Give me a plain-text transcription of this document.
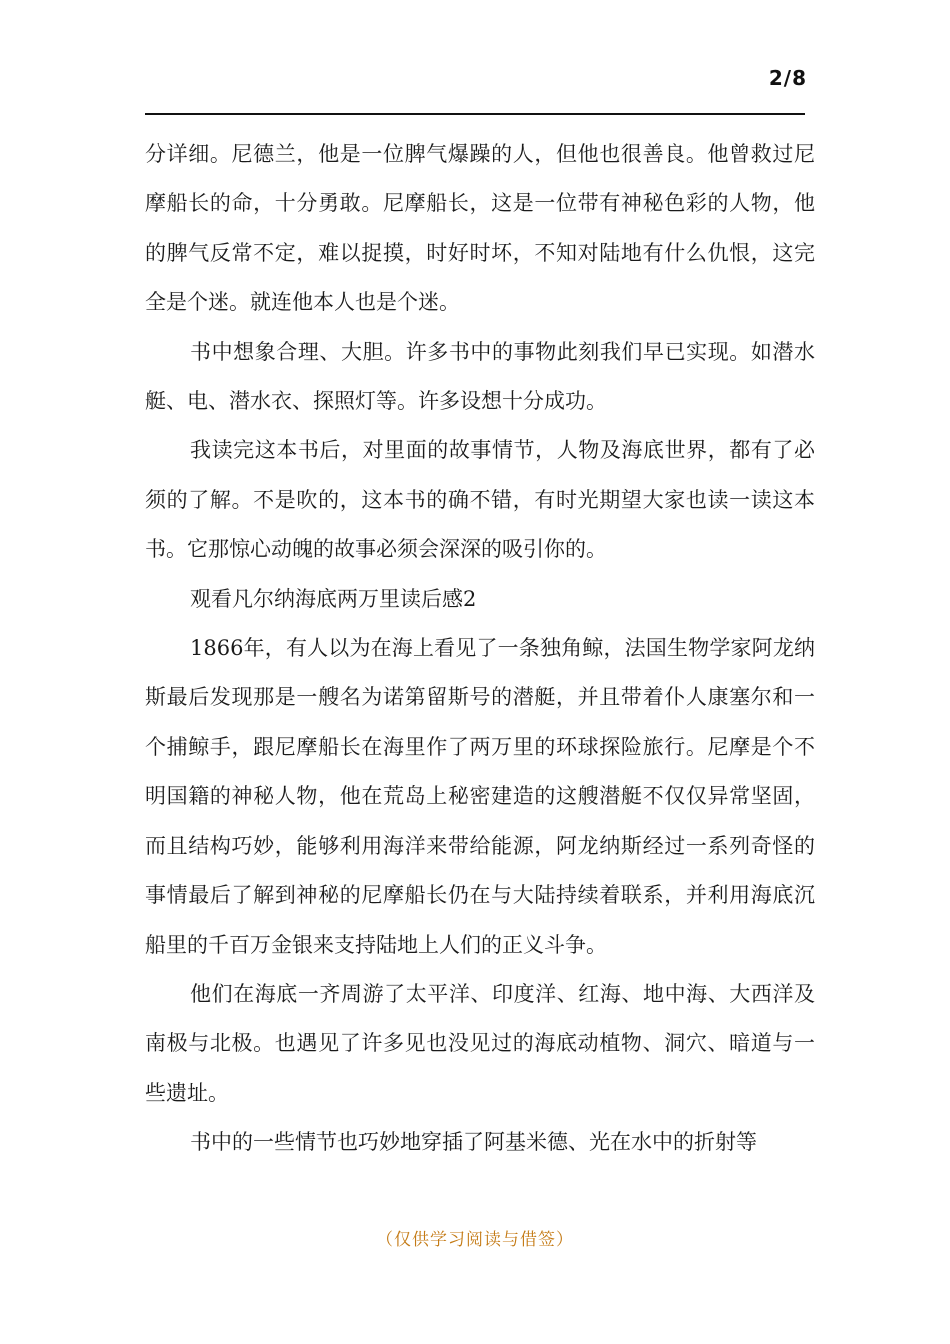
2/8

分详细。尼德兰，他是一位脾气爆躁的人，但他也很善良。他曾救过尼摩船长的命，十分勇敢。尼摩船长，这是一位带有神秘色彩的人物，他的脾气反常不定，难以捉摸，时好时坏，不知对陆地有什么仇恨，这完全是个迷。就连他本人也是个迷。

书中想象合理、大胆。许多书中的事物此刻我们早已实现。如潜水艇、电、潜水衣、探照灯等。许多设想十分成功。

我读完这本书后，对里面的故事情节，人物及海底世界，都有了必须的了解。不是吹的，这本书的确不错，有时光期望大家也读一读这本书。它那惊心动魄的故事必须会深深的吸引你的。

观看凡尔纳海底两万里读后感2

1866年，有人以为在海上看见了一条独角鲸，法国生物学家阿龙纳斯最后发现那是一艘名为诺第留斯号的潜艇，并且带着仆人康塞尔和一个捕鲸手，跟尼摩船长在海里作了两万里的环球探险旅行。尼摩是个不明国籍的神秘人物，他在荒岛上秘密建造的这艘潜艇不仅仅异常坚固，而且结构巧妙，能够利用海洋来带给能源，阿龙纳斯经过一系列奇怪的事情最后了解到神秘的尼摩船长仍在与大陆持续着联系，并利用海底沉船里的千百万金银来支持陆地上人们的正义斗争。

他们在海底一齐周游了太平洋、印度洋、红海、地中海、大西洋及南极与北极。也遇见了许多见也没见过的海底动植物、洞穴、暗道与一些遗址。

书中的一些情节也巧妙地穿插了阿基米德、光在水中的折射等

（仅供学习阅读与借签）
